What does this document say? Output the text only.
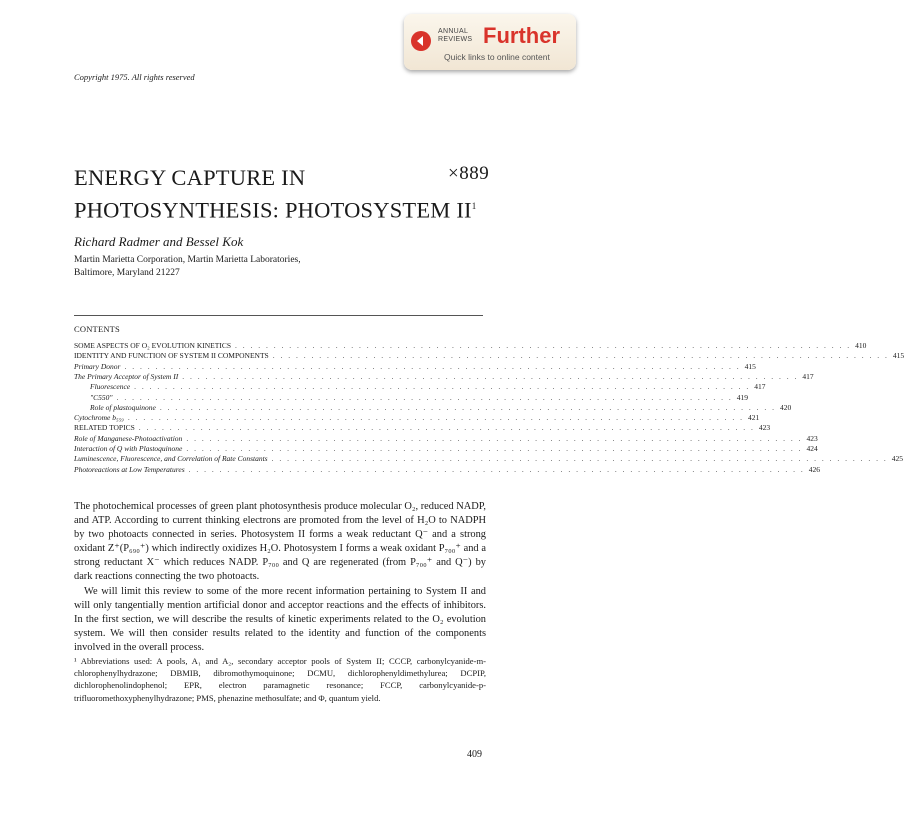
ANNUAL
REVIEWS Further
Quick links to online content
Copyright 1975. All rights reserved
ENERGY CAPTURE IN
PHOTOSYNTHESIS: PHOTOSYSTEM $II^1$
×889
Richard Radmer and Bessel Kok
Martin Marietta Corporation, Martin Marietta Laboratories,
Baltimore, Maryland 21227
CONTENTS
SOME ASPECTS OF O₂ EVOLUTION KINETICS . . . . . . . . . . . . . . . . . . . . . . . . . . . . . . . . . . . . . . . . . . . . . . . . . . . . . . . . . . . . . . . . . . . . . . . . . . . . . . . . 410
IDENTITY AND FUNCTION OF SYSTEM II COMPONENTS . . . . . . . . . . . . . . . . . . . . . . . . . . . . . . . . . . . . . . . . . . . . . . . . . . . . . . . . . . . . . . . . . . . . . . . . . . . . . . . . 415
Primary Donor . . . . . . . . . . . . . . . . . . . . . . . . . . . . . . . . . . . . . . . . . . . . . . . . . . . . . . . . . . . . . . . . . . . . . . . . . . . . . . . . 415
The Primary Acceptor of System II . . . . . . . . . . . . . . . . . . . . . . . . . . . . . . . . . . . . . . . . . . . . . . . . . . . . . . . . . . . . . . . . . . . . . . . . . . . . . . . . 417
Fluorescence . . . . . . . . . . . . . . . . . . . . . . . . . . . . . . . . . . . . . . . . . . . . . . . . . . . . . . . . . . . . . . . . . . . . . . . . . . . . . . . . 417
"C550" . . . . . . . . . . . . . . . . . . . . . . . . . . . . . . . . . . . . . . . . . . . . . . . . . . . . . . . . . . . . . . . . . . . . . . . . . . . . . . . . 419
Role of plastoquinone . . . . . . . . . . . . . . . . . . . . . . . . . . . . . . . . . . . . . . . . . . . . . . . . . . . . . . . . . . . . . . . . . . . . . . . . . . . . . . . . 420
Cytochrome b₅₅₉ . . . . . . . . . . . . . . . . . . . . . . . . . . . . . . . . . . . . . . . . . . . . . . . . . . . . . . . . . . . . . . . . . . . . . . . . . . . . . . . . 421
RELATED TOPICS . . . . . . . . . . . . . . . . . . . . . . . . . . . . . . . . . . . . . . . . . . . . . . . . . . . . . . . . . . . . . . . . . . . . . . . . . . . . . . . . 423
Role of Manganese-Photoactivation . . . . . . . . . . . . . . . . . . . . . . . . . . . . . . . . . . . . . . . . . . . . . . . . . . . . . . . . . . . . . . . . . . . . . . . . . . . . . . . . 423
Interaction of Q with Plastoquinone . . . . . . . . . . . . . . . . . . . . . . . . . . . . . . . . . . . . . . . . . . . . . . . . . . . . . . . . . . . . . . . . . . . . . . . . . . . . . . . . 424
Luminescence, Fluorescence, and Correlation of Rate Constants . . . . . . . . . . . . . . . . . . . . . . . . . . . . . . . . . . . . . . . . . . . . . . . . . . . . . . . . . . . . . . . . . . . . . . . . . . . . . . . . 425
Photoreactions at Low Temperatures . . . . . . . . . . . . . . . . . . . . . . . . . . . . . . . . . . . . . . . . . . . . . . . . . . . . . . . . . . . . . . . . . . . . . . . . . . . . . . . . 426

The photochemical processes of green plant photosynthesis produce molecular O₂, reduced NADP, and ATP. According to current thinking electrons are promoted from the level of H₂O to NADPH by two photoacts connected in series. Photosystem II forms a weak reductant Q⁻ and a strong oxidant Z⁺(P₆₉₀⁺) which indirectly oxidizes H₂O. Photosystem I forms a weak oxidant P₇₀₀⁺ and a strong reductant X⁻ which reduces NADP. P₇₀₀ and Q are regenerated (from P₇₀₀⁺ and Q⁻) by dark reactions connecting the two photoacts.

We will limit this review to some of the more recent information pertaining to System II and will only tangentially mention artificial donor and acceptor reactions and the effects of inhibitors. In the first section, we will describe the results of kinetic experiments related to the O₂ evolution system. We will then consider results related to the identity and function of the components involved in the overall process.

¹ Abbreviations used: A pools, A₁ and A₂, secondary acceptor pools of System II; CCCP, carbonylcyanide-m-chlorophenylhydrazone; DBMIB, dibromothymoquinone; DCMU, dichlorophenyldimethylurea; DCPIP, dichlorophenolindophenol; EPR, electron paramagnetic resonance; FCCP, carbonylcyanide-p-trifluoromethoxyphenylhydrazone; PMS, phenazine methosulfate; and Φ, quantum yield.
409
